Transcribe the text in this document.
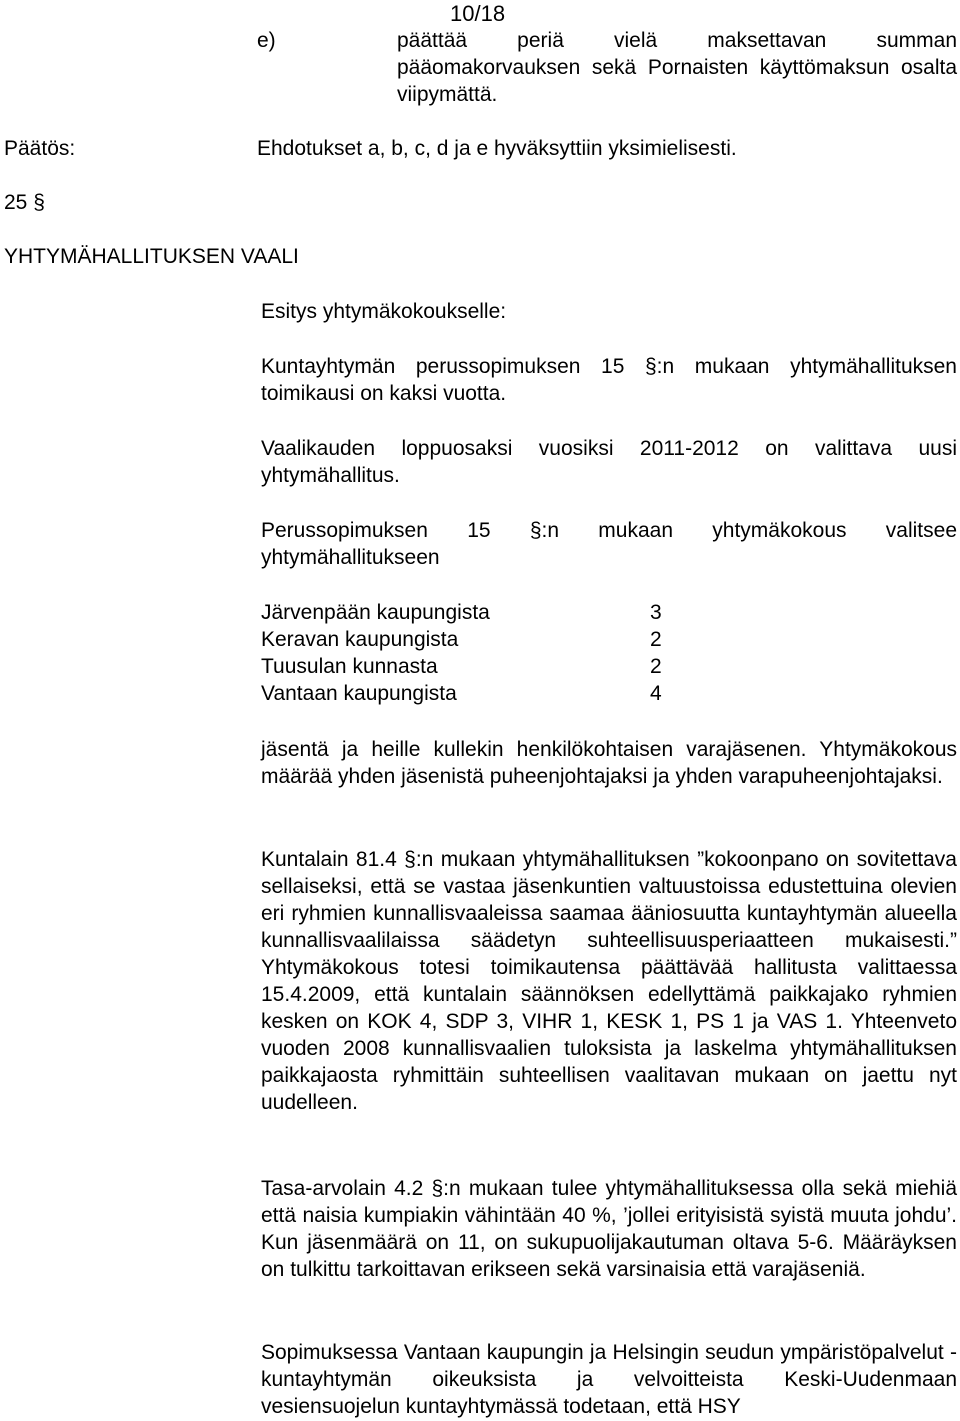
10/18
e)	päättää periä vielä maksettavan summan pääomakorvauksen sekä Pornaisten käyttömaksun osalta viipymättä.

Päätös:	Ehdotukset a, b, c, d ja e hyväksyttiin yksimielisesti.
25 §
YHTYMÄHALLITUKSEN VAALI

Esitys yhtymäkokoukselle:

Kuntayhtymän perussopimuksen 15 §:n mukaan yhtymähallituksen toimikausi on kaksi vuotta.

Vaalikauden loppuosaksi vuosiksi 2011-2012 on valittava uusi yhtymähallitus.

Perussopimuksen 15 §:n mukaan yhtymäkokous valitsee yhtymähallitukseen

Järvenpään kaupungista	3
Keravan kaupungista	2
Tuusulan kunnasta	2
Vantaan kaupungista	4

jäsentä ja heille kullekin henkilökohtaisen varajäsenen. Yhtymäkokous määrää yhden jäsenistä puheenjohtajaksi ja yhden varapuheenjohtajaksi.

Kuntalain 81.4 §:n mukaan yhtymähallituksen ”kokoonpano on sovitettava sellaiseksi, että se vastaa jäsenkuntien valtuustoissa edustettuina olevien eri ryhmien kunnallisvaaleissa saamaa ääniosuutta kuntayhtymän alueella kunnallisvaalilaissa säädetyn suhteellisuusperiaatteen mukaisesti.” Yhtymäkokous totesi toimikautensa päättävää hallitusta valittaessa 15.4.2009, että kuntalain säännöksen edellyttämä paikkajako ryhmien kesken on KOK 4, SDP 3, VIHR 1, KESK 1, PS 1 ja VAS 1. Yhteenveto vuoden 2008 kunnallisvaalien tuloksista ja laskelma yhtymähallituksen paikkajaosta ryhmittäin suhteellisen vaalitavan mukaan on jaettu nyt uudelleen.

Tasa-arvolain 4.2 §:n mukaan tulee yhtymähallituksessa olla sekä miehiä että naisia kumpiakin vähintään 40 %, ’jollei erityisistä syistä muuta johdu’. Kun jäsenmäärä on 11, on sukupuolijakautuman oltava 5-6. Määräyksen on tulkittu tarkoittavan erikseen sekä varsinaisia että varajäseniä.

Sopimuksessa Vantaan kaupungin ja Helsingin seudun ympäristöpalvelut -kuntayhtymän oikeuksista ja velvoitteista Keski-Uudenmaan vesiensuojelun kuntayhtymässä todetaan, että HSY
